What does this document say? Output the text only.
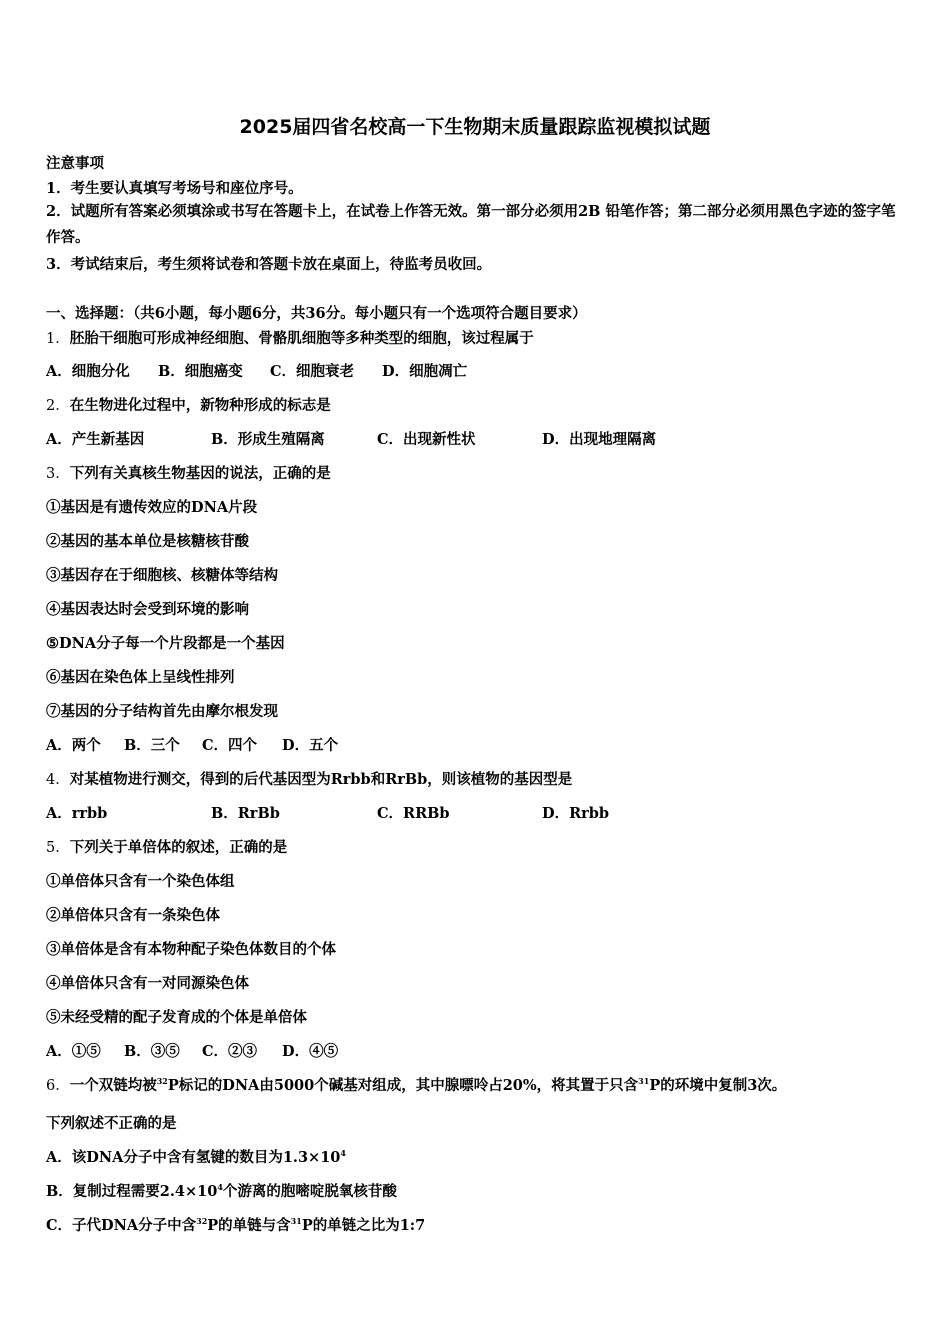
2025届四省名校高一下生物期末质量跟踪监视模拟试题
注意事项
1．考生要认真填写考场号和座位序号。
2．试题所有答案必须填涂或书写在答题卡上，在试卷上作答无效。第一部分必须用2B 铅笔作答；第二部分必须用黑色字迹的签字笔作答。
3．考试结束后，考生须将试卷和答题卡放在桌面上，待监考员收回。
一、选择题：（共6小题，每小题6分，共36分。每小题只有一个选项符合题目要求）
1．胚胎干细胞可形成神经细胞、骨骼肌细胞等多种类型的细胞，该过程属于
A．细胞分化 B．细胞癌变 C．细胞衰老 D．细胞凋亡
2．在生物进化过程中，新物种形成的标志是
A．产生新基因	B．形成生殖隔离	C．出现新性状	D．出现地理隔离
3．下列有关真核生物基因的说法，正确的是
①基因是有遗传效应的DNA片段
②基因的基本单位是核糖核苷酸
③基因存在于细胞核、核糖体等结构
④基因表达时会受到环境的影响
⑤DNA分子每一个片段都是一个基因
⑥基因在染色体上呈线性排列
⑦基因的分子结构首先由摩尔根发现
A．两个 B．三个 C．四个 D．五个
4．对某植物进行测交，得到的后代基因型为Rrbb和RrBb，则该植物的基因型是
A．rrbb	B．RrBb	C．RRBb	D．Rrbb
5．下列关于单倍体的叙述，正确的是
①单倍体只含有一个染色体组
②单倍体只含有一条染色体
③单倍体是含有本物种配子染色体数目的个体
④单倍体只含有一对同源染色体
⑤未经受精的配子发育成的个体是单倍体
A．①⑤ B．③⑤ C．②③ D．④⑤
6．一个双链均被$^{32}$P标记的DNA由5000个碱基对组成，其中腺嘌呤占20%，将其置于只含$^{31}$P的环境中复制3次。
下列叙述不正确的是
A．该DNA分子中含有氢键的数目为$1.3\times 10^4$
B．复制过程需要$2.4\times 10^4$个游离的胞嘧啶脱氧核苷酸
C．子代DNA分子中含$^{32}$P的单链与含$^{31}$P的单链之比为1:7
